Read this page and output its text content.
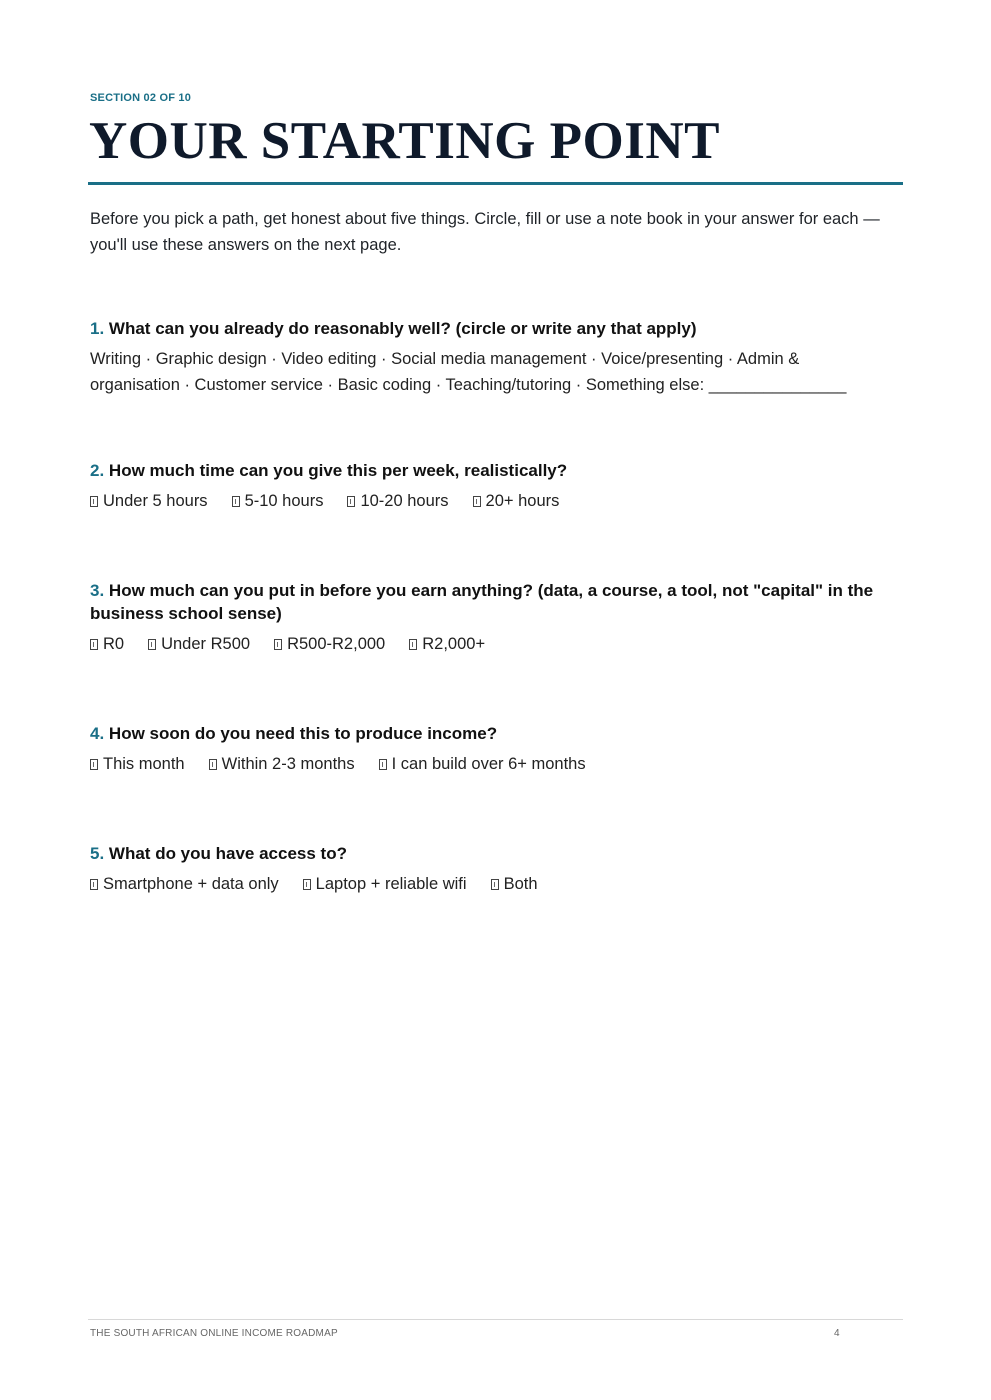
SECTION 02 OF 10
YOUR STARTING POINT

Before you pick a path, get honest about five things. Circle, fill or use a note book in your answer for each — you'll use these answers on the next page.

1. What can you already do reasonably well? (circle or write any that apply)

Writing · Graphic design · Video editing · Social media management · Voice/presenting · Admin & organisation · Customer service · Basic coding · Teaching/tutoring · Something else: _______________

2. How much time can you give this per week, realistically?

Under 5 hours 5-10 hours 10-20 hours 20+ hours

3. How much can you put in before you earn anything? (data, a course, a tool, not "capital" in the business school sense)

R0 Under R500 R500-R2,000 R2,000+

4. How soon do you need this to produce income?

This month Within 2-3 months I can build over 6+ months

5. What do you have access to?

Smartphone + data only Laptop + reliable wifi Both
THE SOUTH AFRICAN ONLINE INCOME ROADMAP	4
